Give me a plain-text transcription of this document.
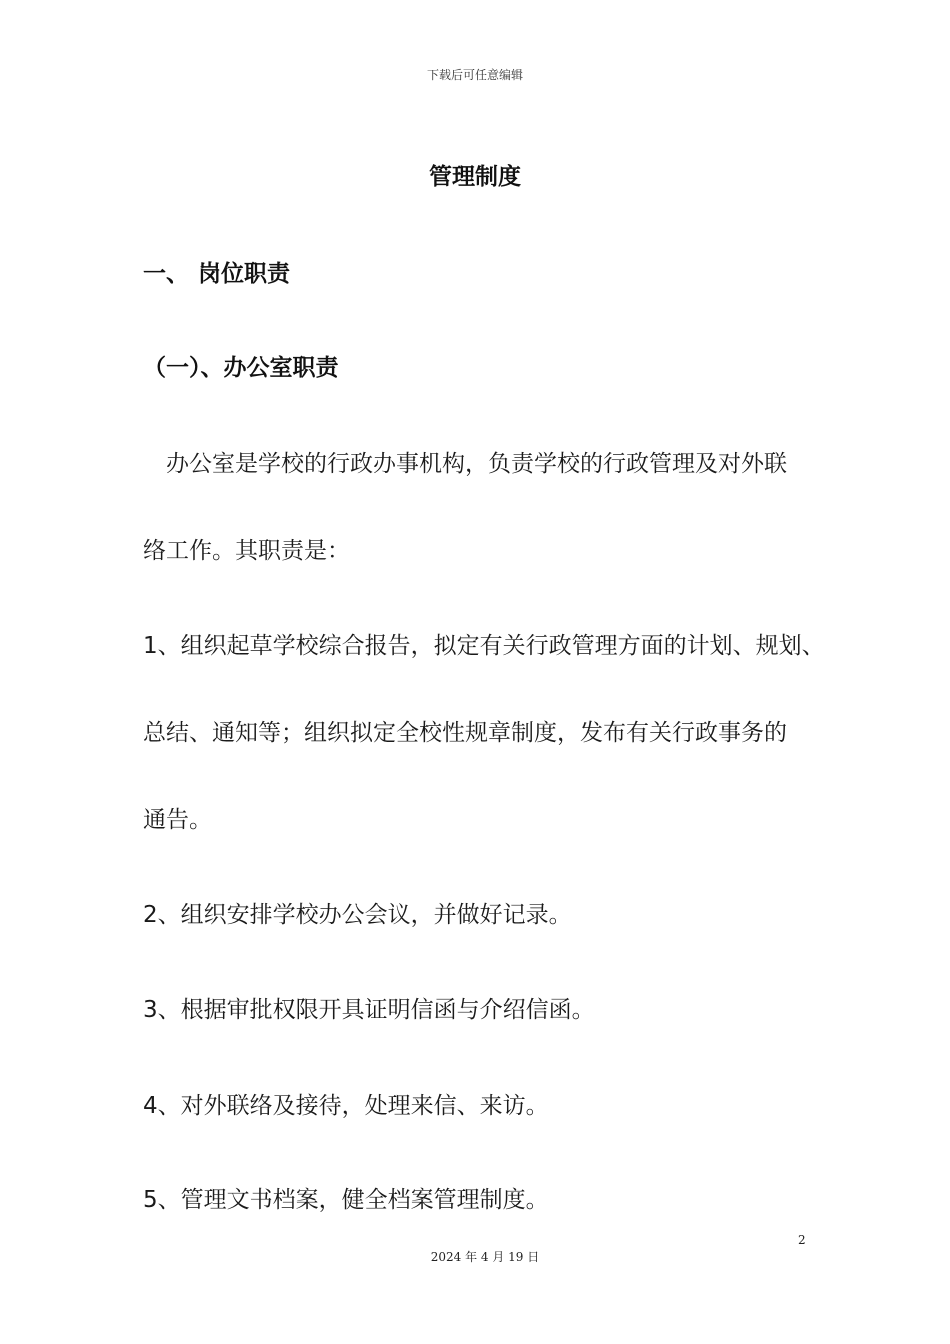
下载后可任意编辑
管理制度
一、 岗位职责
（一）、办公室职责
　办公室是学校的行政办事机构，负责学校的行政管理及对外联
络工作。其职责是：
1、组织起草学校综合报告，拟定有关行政管理方面的计划、规划、
总结、通知等；组织拟定全校性规章制度，发布有关行政事务的
通告。
2、组织安排学校办公会议，并做好记录。
3、根据审批权限开具证明信函与介绍信函。
4、对外联络及接待，处理来信、来访。
5、管理文书档案，健全档案管理制度。
2
2024 年 4 月 19 日
